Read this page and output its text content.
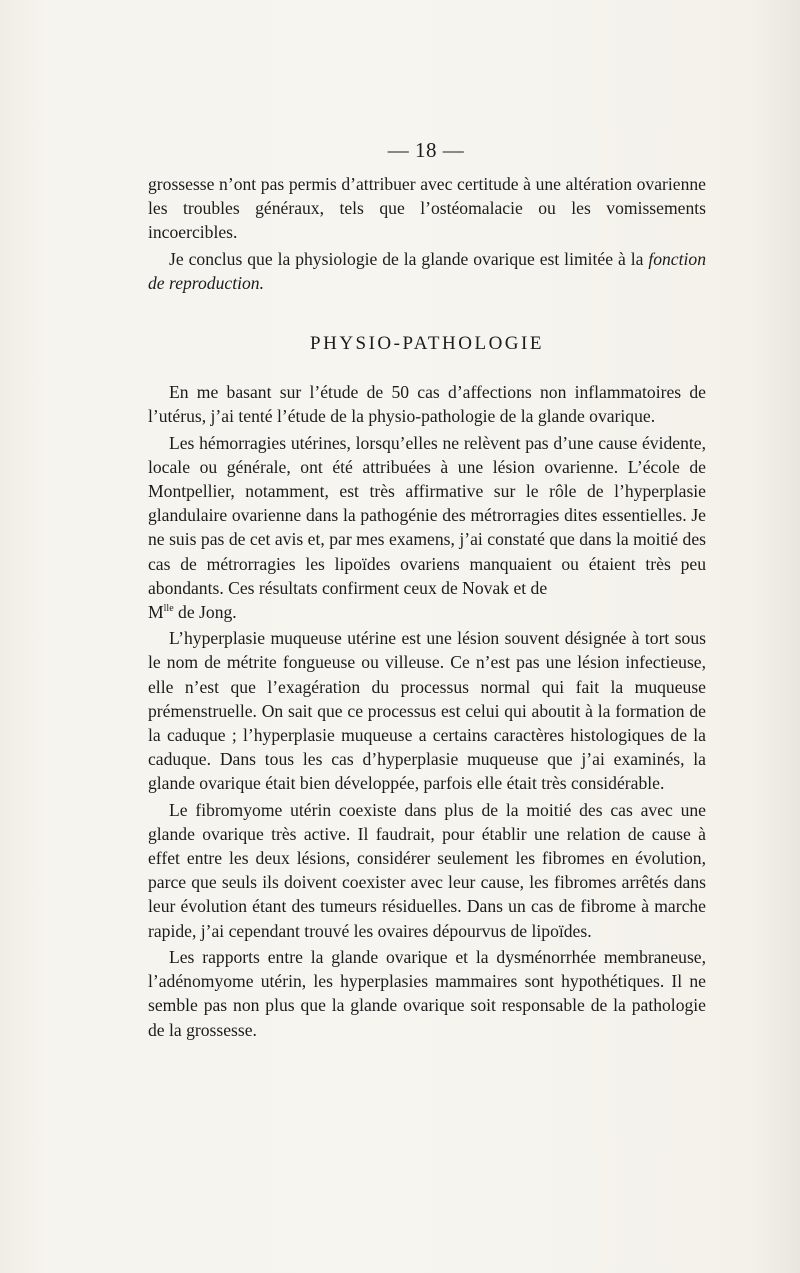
— 18 —

grossesse n’ont pas permis d’attribuer avec certitude à une altération ovarienne les troubles généraux, tels que l’ostéomalacie ou les vomissements incoercibles.

Je conclus que la physiologie de la glande ovarique est limitée à la fonction de reproduction.

PHYSIO-PATHOLOGIE

En me basant sur l’étude de 50 cas d’affections non inflammatoires de l’utérus, j’ai tenté l’étude de la physio-pathologie de la glande ovarique.

Les hémorragies utérines, lorsqu’elles ne relèvent pas d’une cause évidente, locale ou générale, ont été attribuées à une lésion ovarienne. L’école de Montpellier, notamment, est très affirmative sur le rôle de l’hyperplasie glandulaire ovarienne dans la pathogénie des métrorragies dites essentielles. Je ne suis pas de cet avis et, par mes examens, j’ai constaté que dans la moitié des cas de métrorragies les lipoïdes ovariens manquaient ou étaient très peu abondants. Ces résultats confirment ceux de Novak et de
$M^{lle}$ de Jong.

L’hyperplasie muqueuse utérine est une lésion souvent désignée à tort sous le nom de métrite fongueuse ou villeuse. Ce n’est pas une lésion infectieuse, elle n’est que l’exagération du processus normal qui fait la muqueuse prémenstruelle. On sait que ce processus est celui qui aboutit à la formation de la caduque ; l’hyperplasie muqueuse a certains caractères histologiques de la caduque. Dans tous les cas d’hyperplasie muqueuse que j’ai examinés, la glande ovarique était bien développée, parfois elle était très considérable.

Le fibromyome utérin coexiste dans plus de la moitié des cas avec une glande ovarique très active. Il faudrait, pour établir une relation de cause à effet entre les deux lésions, considérer seulement les fibromes en évolution, parce que seuls ils doivent coexister avec leur cause, les fibromes arrêtés dans leur évolution étant des tumeurs résiduelles. Dans un cas de fibrome à marche rapide, j’ai cependant trouvé les ovaires dépourvus de lipoïdes.

Les rapports entre la glande ovarique et la dysménorrhée membraneuse, l’adénomyome utérin, les hyperplasies mammaires sont hypothétiques. Il ne semble pas non plus que la glande ovarique soit responsable de la pathologie de la grossesse.
